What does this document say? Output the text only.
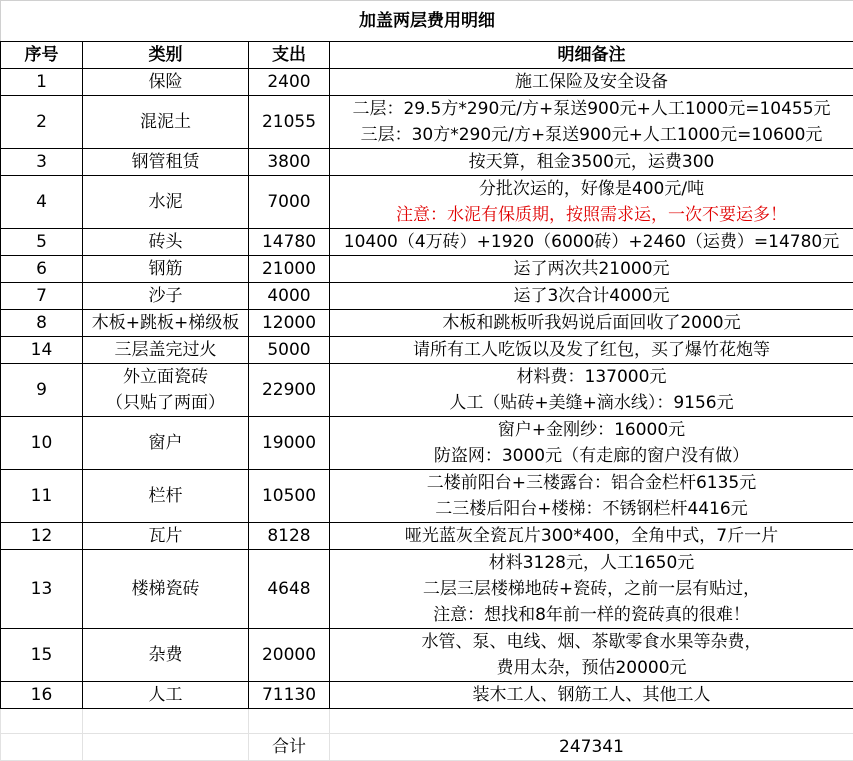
加盖两层费用明细			
序号	类别	支出	明细备注
1	保险	2400	施工保险及安全设备

2	混泥土	21055	二层：29.5方*290元/方+泵送900元+人工1000元=10455元
三层：30方*290元/方+泵送900元+人工1000元=10600元

3	钢管租赁	3800	按天算，租金3500元，运费300

4	水泥	7000	分批次运的，好像是400元/吨
注意：水泥有保质期，按照需求运，一次不要运多！

5	砖头	14780	10400（4万砖）+1920（6000砖）+2460（运费）=14780元

6	钢筋	21000	运了两次共21000元

7	沙子	4000	运了3次合计4000元

8	木板+跳板+梯级板	12000	木板和跳板听我妈说后面回收了2000元

14	三层盖完过火	5000	请所有工人吃饭以及发了红包，买了爆竹花炮等

9	外立面瓷砖
（只贴了两面）	22900	材料费：137000元
人工（贴砖+美缝+滴水线）：9156元

10	窗户	19000	窗户+金刚纱：16000元
防盗网：3000元（有走廊的窗户没有做）

11	栏杆	10500	二楼前阳台+三楼露台：铝合金栏杆6135元
二三楼后阳台+楼梯：不锈钢栏杆4416元

12	瓦片	8128	哑光蓝灰全瓷瓦片300*400，全角中式，7斤一片

13	楼梯瓷砖	4648	材料3128元，人工1650元
二层三层楼梯地砖+瓷砖，之前一层有贴过，
注意：想找和8年前一样的瓷砖真的很难！

15	杂费	20000	水管、泵、电线、烟、茶歇零食水果等杂费，
费用太杂，预估20000元

16	人工	71130	装木工人、钢筋工人、其他工人

		合计	247341
